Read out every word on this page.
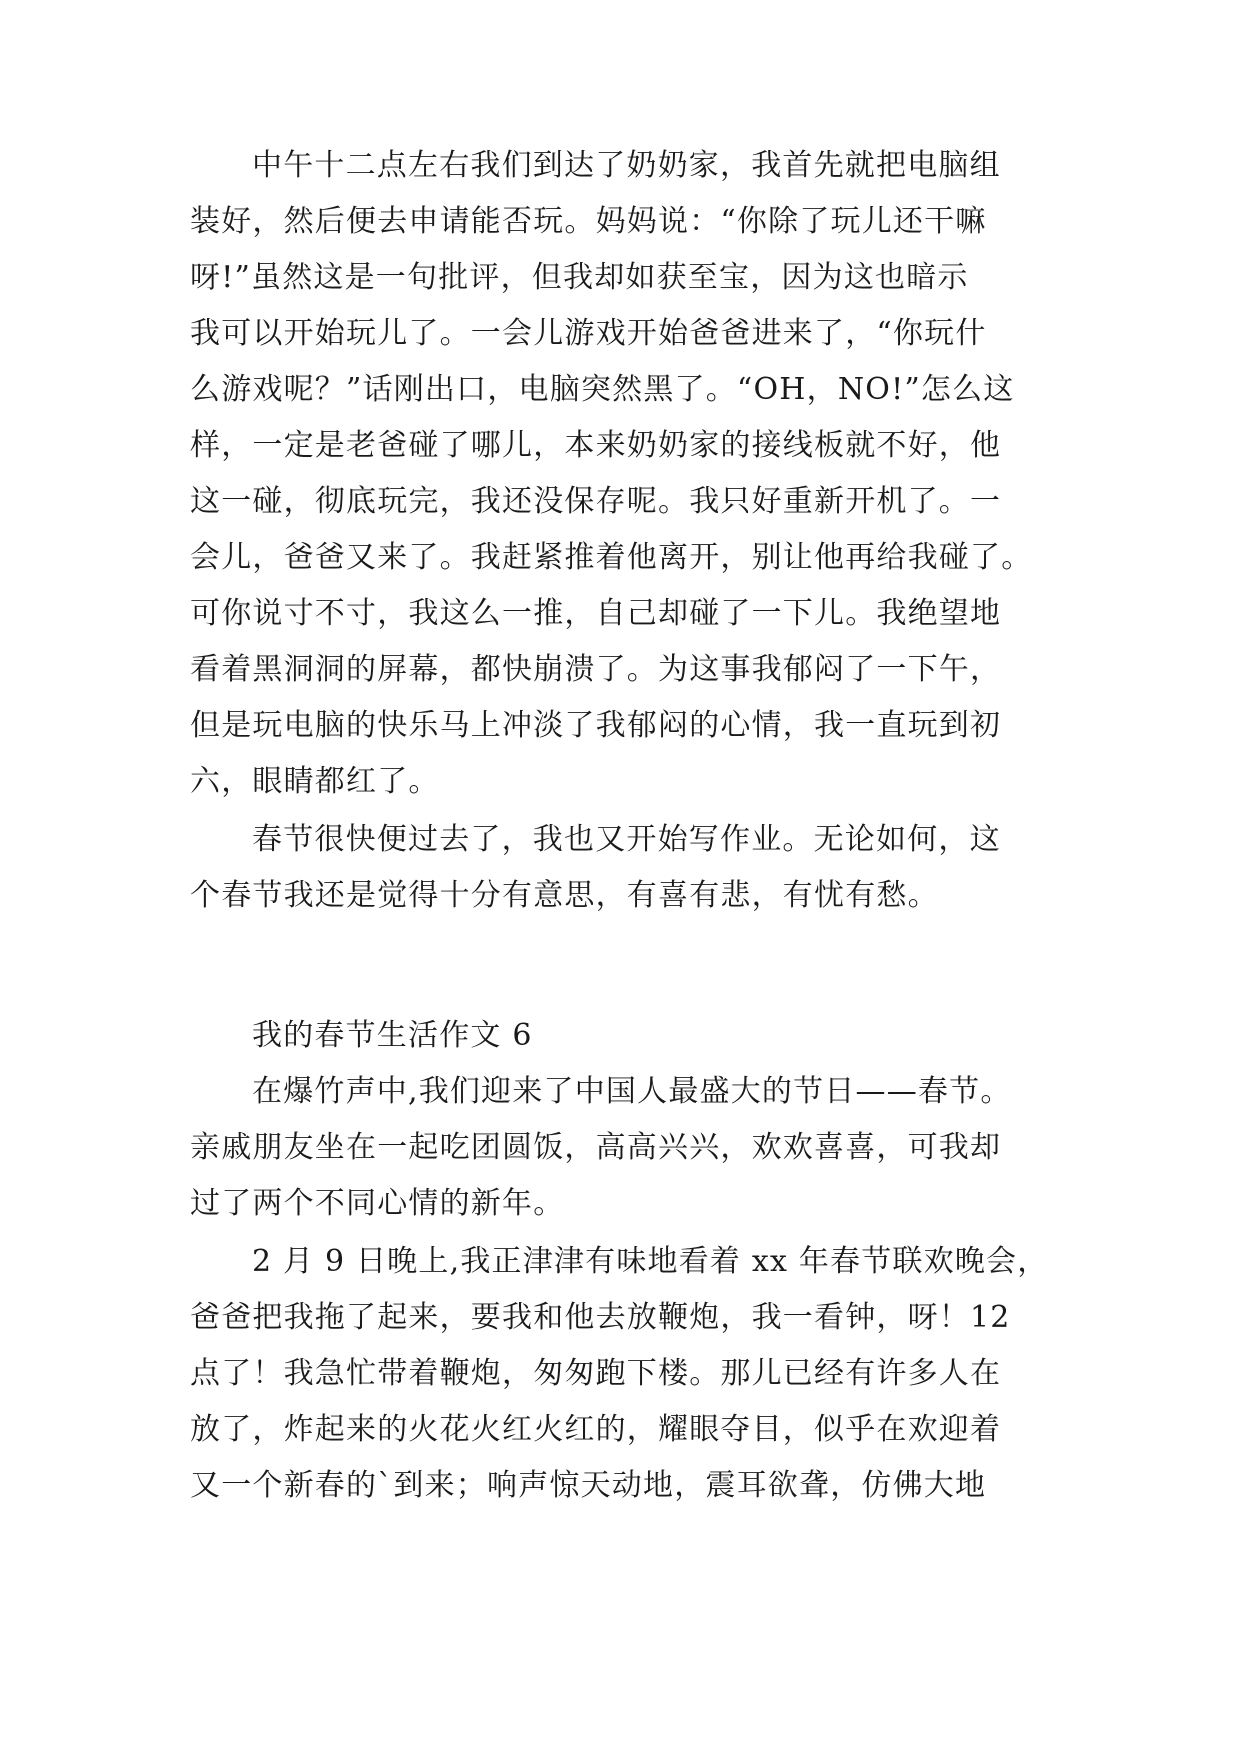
中午十二点左右我们到达了奶奶家，我首先就把电脑组
装好，然后便去申请能否玩。妈妈说：“你除了玩儿还干嘛
呀!”虽然这是一句批评，但我却如获至宝，因为这也暗示
我可以开始玩儿了。一会儿游戏开始爸爸进来了，“你玩什
么游戏呢？”话刚出口，电脑突然黑了。“OH，NO!”怎么这
样，一定是老爸碰了哪儿，本来奶奶家的接线板就不好，他
这一碰，彻底玩完，我还没保存呢。我只好重新开机了。一
会儿，爸爸又来了。我赶紧推着他离开，别让他再给我碰了。
可你说寸不寸，我这么一推，自己却碰了一下儿。我绝望地
看着黑洞洞的屏幕，都快崩溃了。为这事我郁闷了一下午，
但是玩电脑的快乐马上冲淡了我郁闷的心情，我一直玩到初
六，眼睛都红了。
春节很快便过去了，我也又开始写作业。无论如何，这
个春节我还是觉得十分有意思，有喜有悲，有忧有愁。
我的春节生活作文 6
在爆竹声中,我们迎来了中国人最盛大的节日——春节。
亲戚朋友坐在一起吃团圆饭，高高兴兴，欢欢喜喜，可我却
过了两个不同心情的新年。
2 月 9 日晚上,我正津津有味地看着 xx 年春节联欢晚会，
爸爸把我拖了起来，要我和他去放鞭炮，我一看钟，呀！12
点了！我急忙带着鞭炮，匆匆跑下楼。那儿已经有许多人在
放了，炸起来的火花火红火红的，耀眼夺目，似乎在欢迎着
又一个新春的`到来；响声惊天动地，震耳欲聋，仿佛大地
